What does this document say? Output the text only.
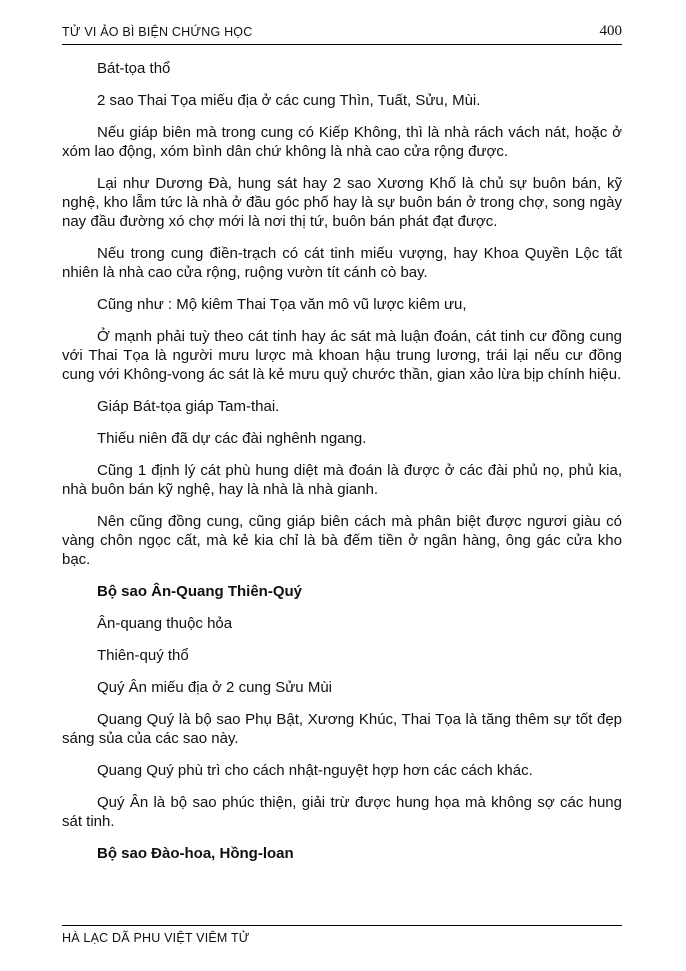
TỬ VI ẢO BÌ BIỆN CHỨNG HỌC	400

Bát-tọa thổ

2 sao Thai Tọa miếu địa ở các cung Thìn, Tuất, Sửu, Mùi.

Nếu giáp biên mà trong cung có Kiếp Không, thì là nhà rách vách nát, hoặc ở xóm lao động, xóm bình dân chứ không là nhà cao cửa rộng được.

Lại như Dương Đà, hung sát hay 2 sao Xương Khố là chủ sự buôn bán, kỹ nghệ, kho lẫm tức là nhà ở đầu góc phố hay là sự buôn bán ở trong chợ, song ngày nay đầu đường xó chợ mới là nơi thị tứ, buôn bán phát đạt được.

Nếu trong cung điền-trạch có cát tinh miếu vượng, hay Khoa Quyền Lộc tất nhiên là nhà cao cửa rộng, ruộng vườn tít cánh cò bay.

Cũng như : Mộ kiêm Thai Tọa văn mô vũ lược kiêm ưu,

Ở mạnh phải tuỳ theo cát tinh hay ác sát mà luận đoán, cát tinh cư đồng cung với Thai Tọa là người mưu lược mà khoan hậu trung lương, trái lại nếu cư đồng cung với Không-vong ác sát là kẻ mưu quỷ chước thần, gian xảo lừa bịp chính hiệu.

Giáp Bát-tọa giáp Tam-thai.

Thiếu niên đã dự các đài nghênh ngang.

Cũng 1 định lý cát phù hung diệt mà đoán là được ở các đài phủ nọ, phủ kia, nhà buôn bán kỹ nghệ, hay là nhà là nhà gianh.

Nên cũng đồng cung, cũng giáp biên cách mà phân biệt được ngươi giàu có vàng chôn ngọc cất, mà kẻ kia chỉ là bà đếm tiền ở ngân hàng, ông gác cửa kho bạc.

Bộ sao Ân-Quang Thiên-Quý

Ân-quang thuộc hỏa

Thiên-quý thổ

Quý Ân miếu địa ở 2 cung Sửu Mùi

Quang Quý là bộ sao Phụ Bật, Xương Khúc, Thai Tọa là tăng thêm sự tốt đẹp sáng sủa của các sao này.

Quang Quý phù trì cho cách nhật-nguyệt hợp hơn các cách khác.

Quý Ân là bộ sao phúc thiện, giải trừ được hung họa mà không sợ các hung sát tinh.

Bộ sao Đào-hoa, Hồng-loan

HÀ LẠC DÃ PHU VIỆT VIÊM TỬ
